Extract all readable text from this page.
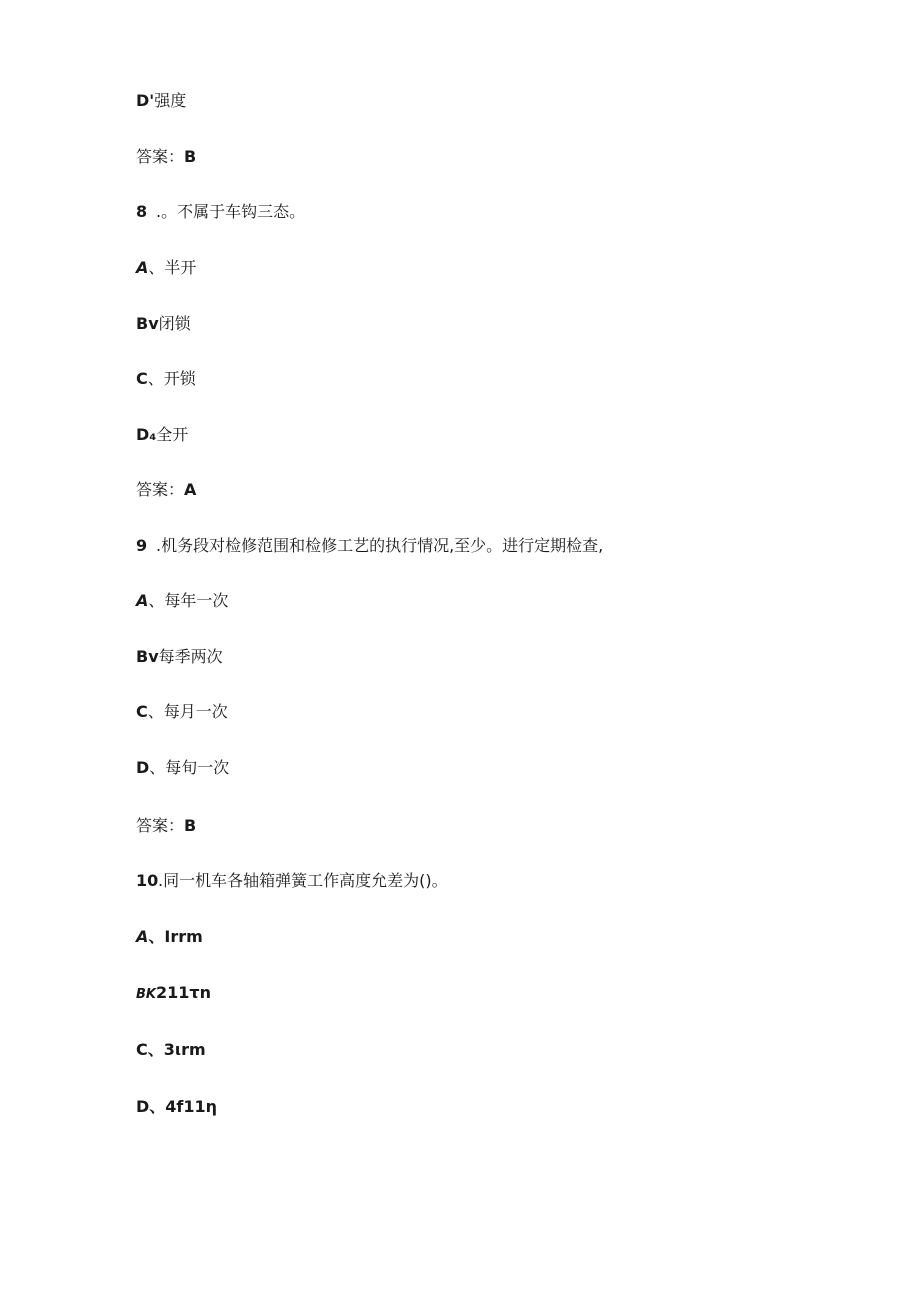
D'强度
答案：B
8 .。不属于车钩三态。
A、半开
Bv闭锁
C、开锁
D₄全开
答案：A
9 .机务段对检修范围和检修工艺的执行情况,至少。进行定期检查,
A、每年一次
Bv每季两次
C、每月一次
D、每旬一次
答案：B
10.同一机车各轴箱弹簧工作高度允差为()。
A、Irrm
BK211τn
C、3ιrm
D、4f11η
